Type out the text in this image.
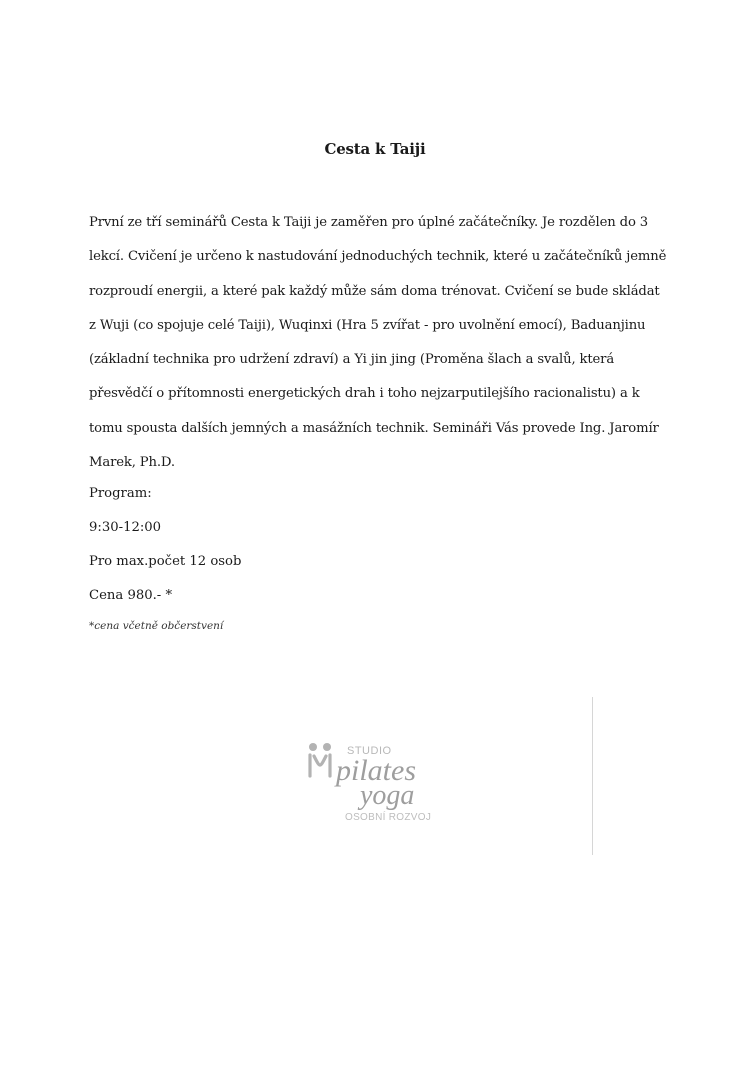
Cesta k Taiji

První ze tří seminářů Cesta k Taiji je zaměřen pro úplné začátečníky. Je rozdělen do 3 lekcí. Cvičení je určeno k nastudování jednoduchých technik, které u začátečníků jemně rozproudí energii, a které pak každý může sám doma trénovat. Cvičení se bude skládat z Wuji (co spojuje celé Taiji), Wuqinxi (Hra 5 zvířat - pro uvolnění emocí), Baduanjinu (základní technika pro udržení zdraví) a Yi jin jing (Proměna šlach a svalů, která přesvědčí o přítomnosti energetických drah i toho nejzarputilejšího racionalistu) a k tomu spousta dalších jemných a masážních technik. Semináři Vás provede Ing. Jaromír Marek, Ph.D.

Program:
9:30-12:00
Pro max.počet 12 osob
Cena 980.- *

*cena včetně občerstvení

STUDIO
pilates
yoga
OSOBNÍ ROZVOJ
